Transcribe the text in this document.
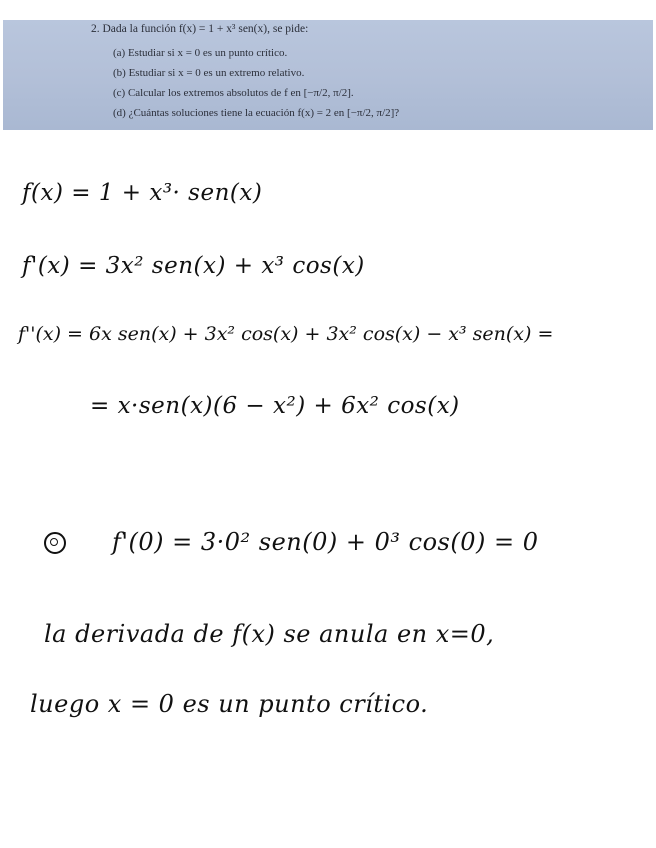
2. Dada la función f(x) = 1 + x³ sen(x), se pide:
(a) Estudiar si x = 0 es un punto crítico.
(b) Estudiar si x = 0 es un extremo relativo.
(c) Calcular los extremos absolutos de f en [−π/2, π/2].
(d) ¿Cuántas soluciones tiene la ecuación f(x) = 2 en [−π/2, π/2]?
f(x) = 1 + x³· sen(x)
f'(x) = 3x² sen(x) + x³ cos(x)
f''(x) = 6x sen(x) + 3x² cos(x) + 3x² cos(x) − x³ sen(x) =
= x·sen(x)(6 − x²) + 6x² cos(x)
f'(0) = 3·0² sen(0) + 0³ cos(0) = 0
la derivada de f(x) se anula en x=0,
luego x = 0 es un punto crítico.
